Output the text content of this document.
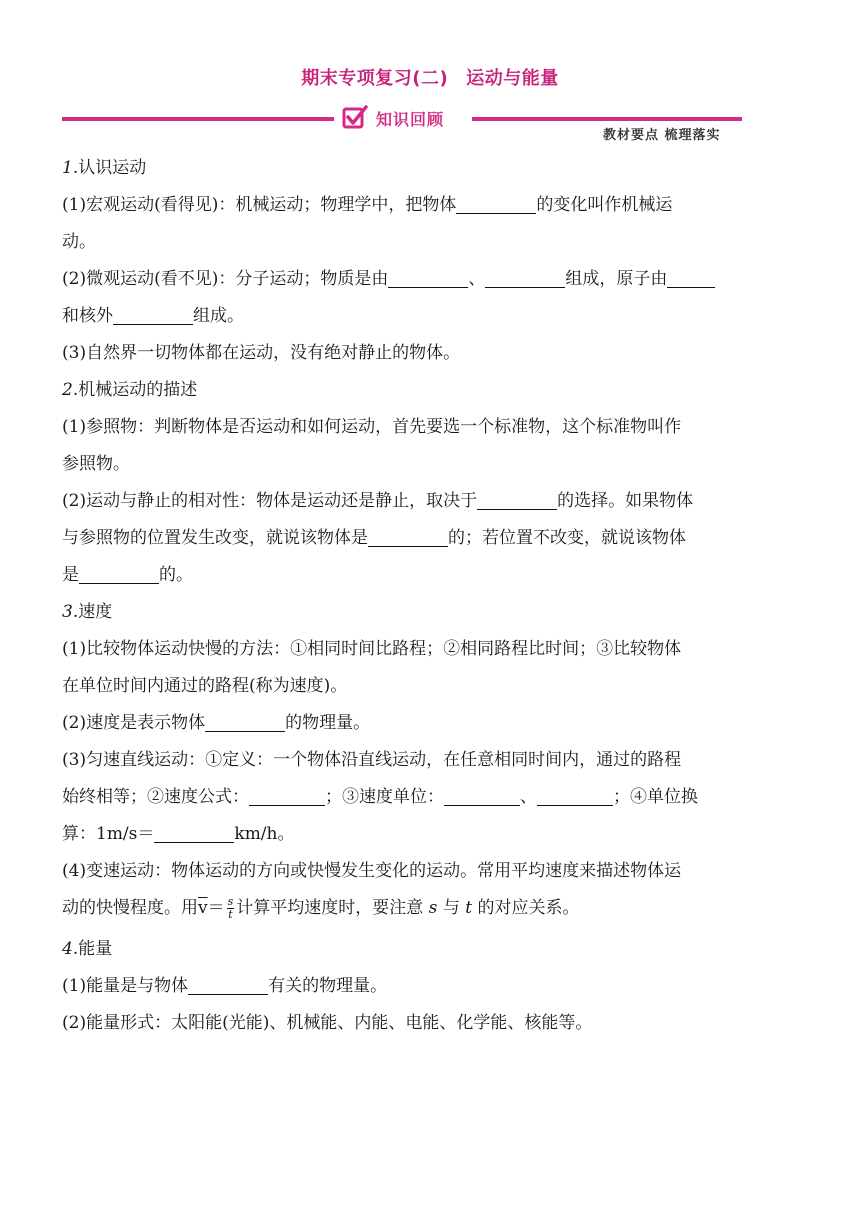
期末专项复习(二) 运动与能量
知识回顾
教材要点 梳理落实

1.认识运动

(1)宏观运动(看得见)：机械运动；物理学中，把物体	的变化叫作机械运

动。

(2)微观运动(看不见)：分子运动；物质是由	、	组成，原子由

和核外	组成。

(3)自然界一切物体都在运动，没有绝对静止的物体。

2.机械运动的描述

(1)参照物：判断物体是否运动和如何运动，首先要选一个标准物，这个标准物叫作

参照物。

(2)运动与静止的相对性：物体是运动还是静止，取决于	的选择。如果物体

与参照物的位置发生改变，就说该物体是	的；若位置不改变，就说该物体

是	的。

3.速度

(1)比较物体运动快慢的方法：①相同时间比路程；②相同路程比时间；③比较物体

在单位时间内通过的路程(称为速度)。

(2)速度是表示物体	的物理量。

(3)匀速直线运动：①定义：一个物体沿直线运动，在任意相同时间内，通过的路程

始终相等；②速度公式：	；③速度单位：	、	；④单位换

算：1m/s＝	km/h。

(4)变速运动：物体运动的方向或快慢发生变化的运动。常用平均速度来描述物体运

动的快慢程度。用$\overline{v}= \frac{s}{t}$ 计算平均速度时，要注意 s 与 t 的对应关系。

4.能量

(1)能量是与物体	有关的物理量。

(2)能量形式：太阳能(光能)、机械能、内能、电能、化学能、核能等。
